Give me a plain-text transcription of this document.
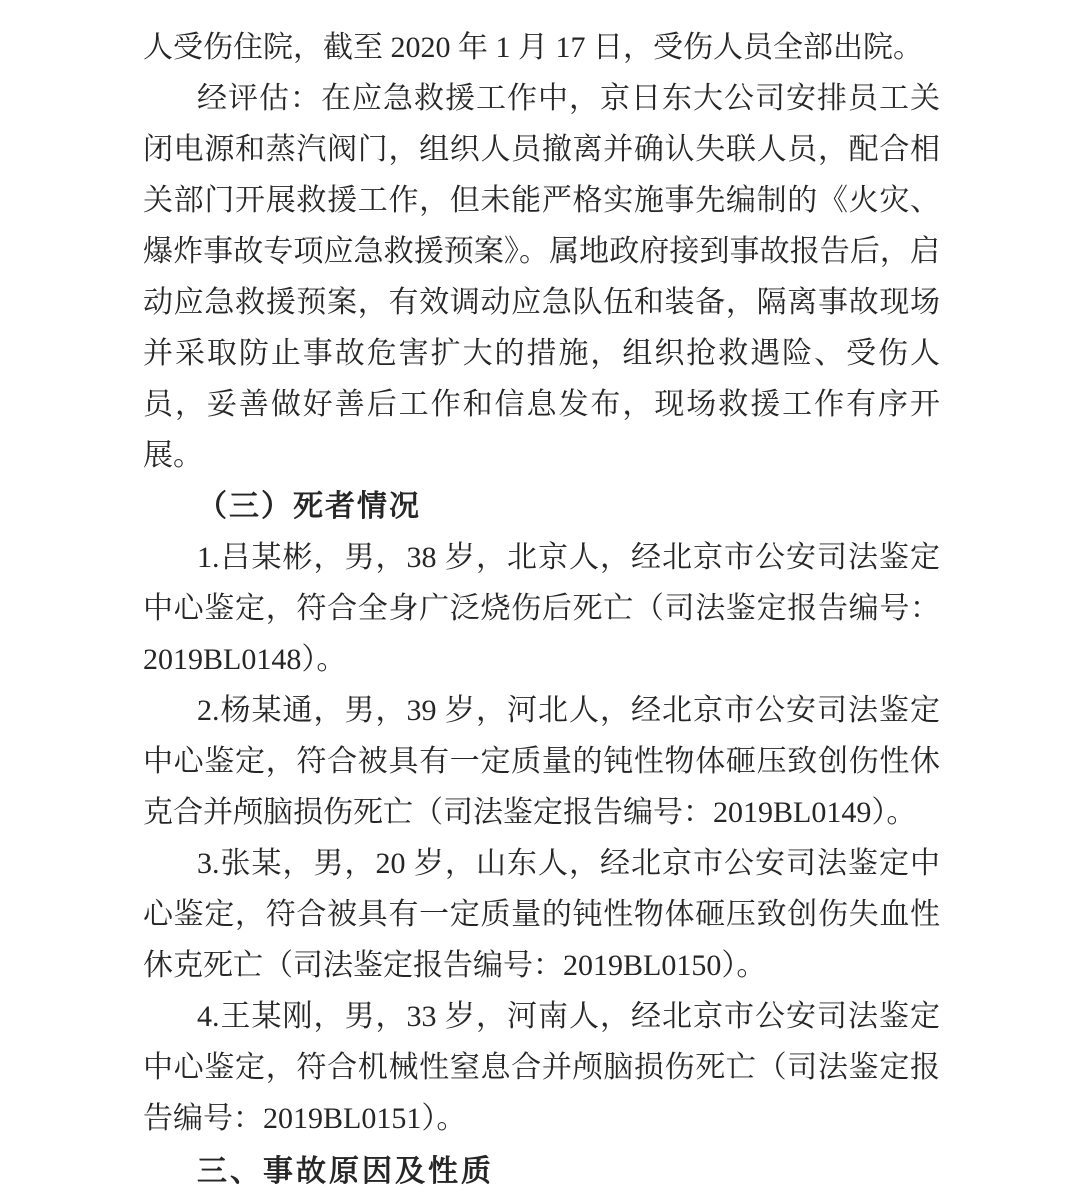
人受伤住院，截至 2020 年 1 月 17 日，受伤人员全部出院。

经评估：在应急救援工作中，京日东大公司安排员工关闭电源和蒸汽阀门，组织人员撤离并确认失联人员，配合相关部门开展救援工作，但未能严格实施事先编制的《火灾、爆炸事故专项应急救援预案》。属地政府接到事故报告后，启动应急救援预案，有效调动应急队伍和装备，隔离事故现场并采取防止事故危害扩大的措施，组织抢救遇险、受伤人员，妥善做好善后工作和信息发布，现场救援工作有序开展。

（三）死者情况

1.吕某彬，男，38 岁，北京人，经北京市公安司法鉴定中心鉴定，符合全身广泛烧伤后死亡（司法鉴定报告编号：2019BL0148）。

2.杨某通，男，39 岁，河北人，经北京市公安司法鉴定中心鉴定，符合被具有一定质量的钝性物体砸压致创伤性休克合并颅脑损伤死亡（司法鉴定报告编号：2019BL0149）。

3.张某，男，20 岁，山东人，经北京市公安司法鉴定中心鉴定，符合被具有一定质量的钝性物体砸压致创伤失血性休克死亡（司法鉴定报告编号：2019BL0150）。

4.王某刚，男，33 岁，河南人，经北京市公安司法鉴定中心鉴定，符合机械性窒息合并颅脑损伤死亡（司法鉴定报告编号：2019BL0151）。

三、事故原因及性质
